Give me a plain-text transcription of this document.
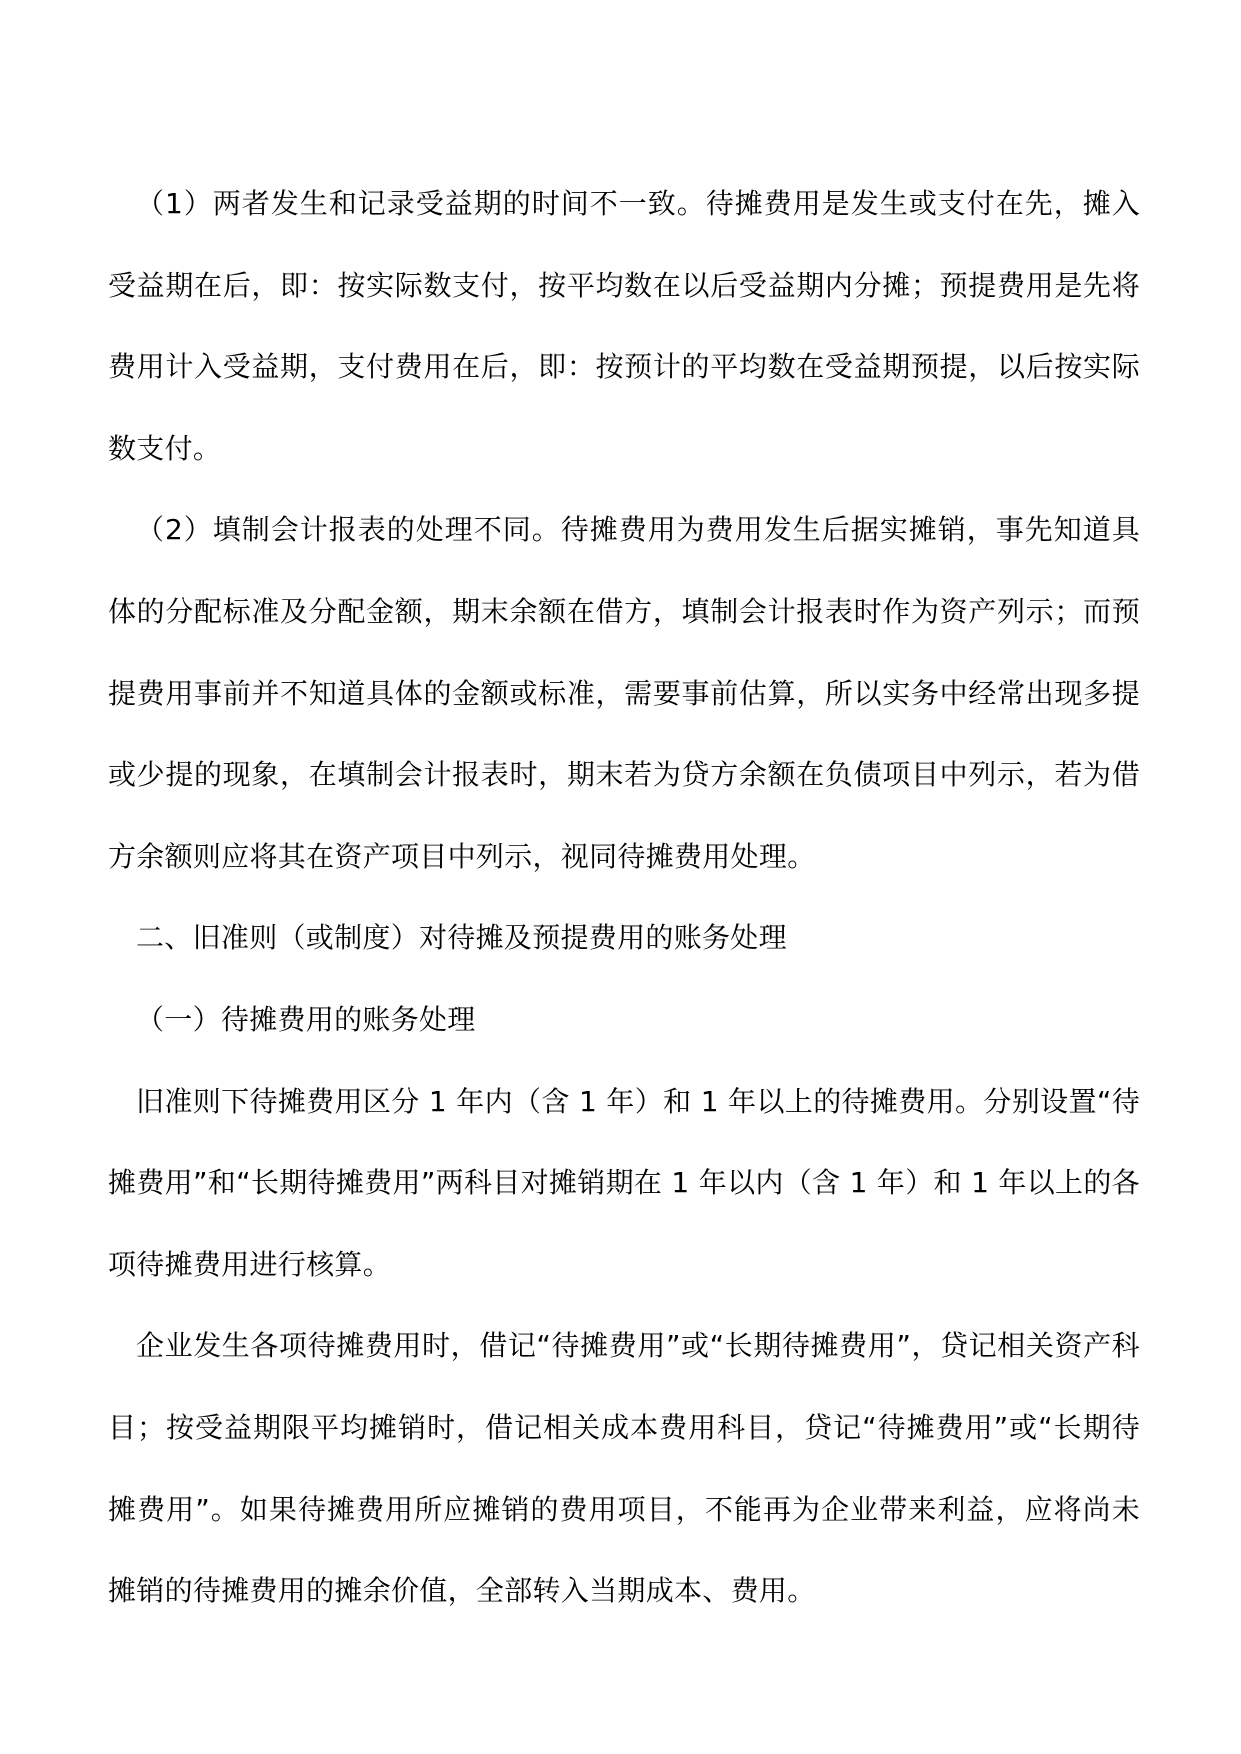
（1）两者发生和记录受益期的时间不一致。待摊费用是发生或支付在先，摊入受益期在后，即：按实际数支付，按平均数在以后受益期内分摊；预提费用是先将费用计入受益期，支付费用在后，即：按预计的平均数在受益期预提，以后按实际数支付。

（2）填制会计报表的处理不同。待摊费用为费用发生后据实摊销，事先知道具体的分配标准及分配金额，期末余额在借方，填制会计报表时作为资产列示；而预提费用事前并不知道具体的金额或标准，需要事前估算，所以实务中经常出现多提或少提的现象，在填制会计报表时，期末若为贷方余额在负债项目中列示，若为借方余额则应将其在资产项目中列示，视同待摊费用处理。

二、旧准则（或制度）对待摊及预提费用的账务处理

（一）待摊费用的账务处理

旧准则下待摊费用区分 1 年内（含 1 年）和 1 年以上的待摊费用。分别设置“待摊费用”和“长期待摊费用”两科目对摊销期在 1 年以内（含 1 年）和 1 年以上的各项待摊费用进行核算。

企业发生各项待摊费用时，借记“待摊费用”或“长期待摊费用”，贷记相关资产科目；按受益期限平均摊销时，借记相关成本费用科目，贷记“待摊费用”或“长期待摊费用”。如果待摊费用所应摊销的费用项目，不能再为企业带来利益，应将尚未摊销的待摊费用的摊余价值，全部转入当期成本、费用。
